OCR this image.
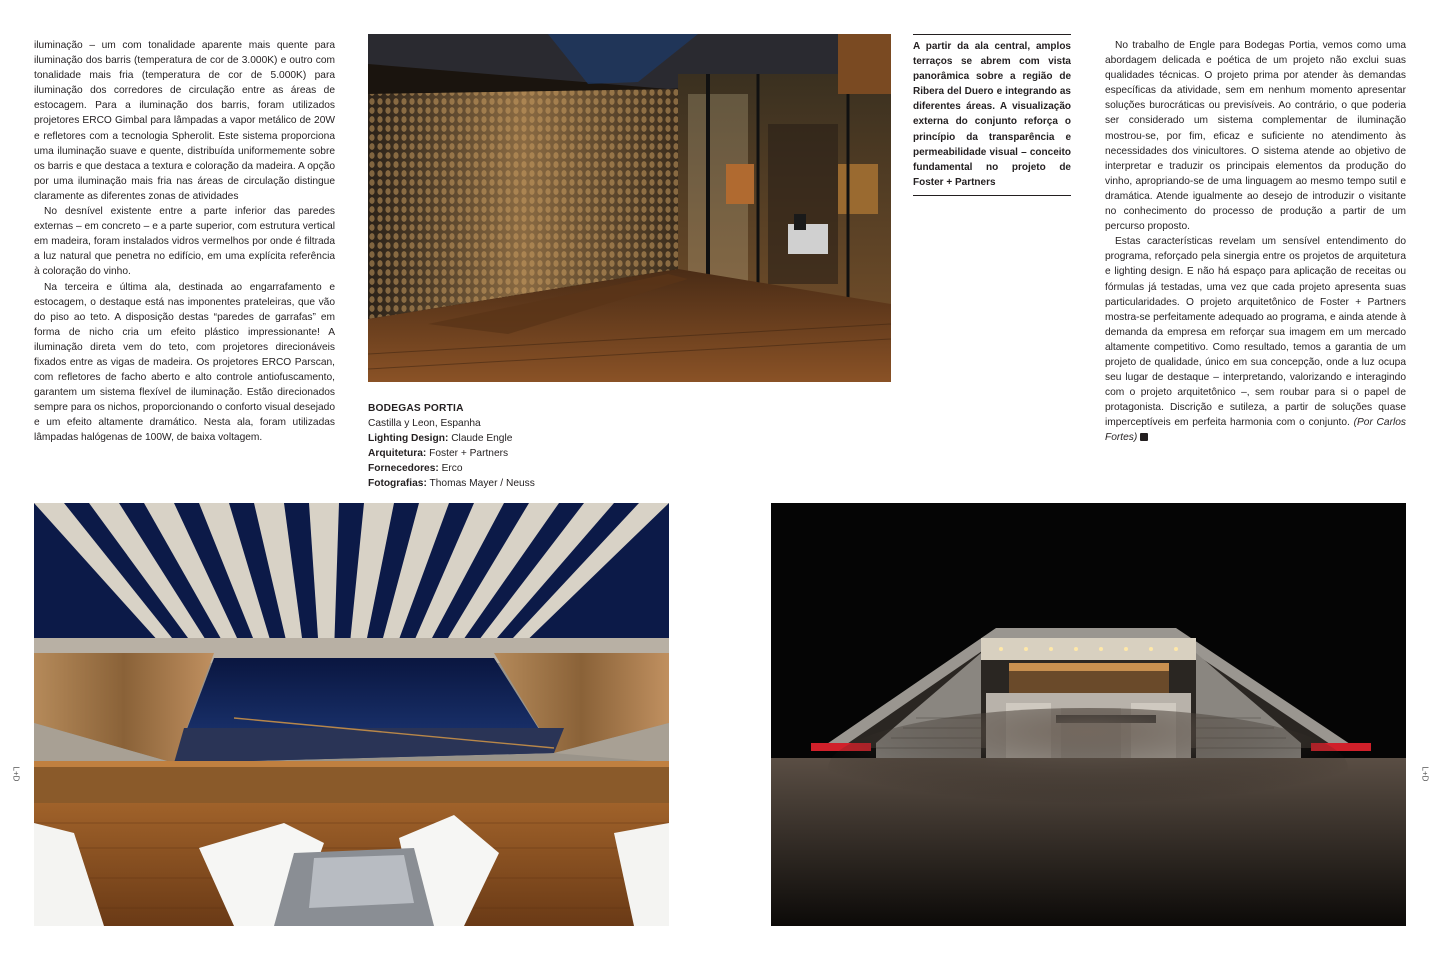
iluminação – um com tonalidade aparente mais quente para iluminação dos barris (temperatura de cor de 3.000K) e outro com tonalidade mais fria (temperatura de cor de 5.000K) para iluminação dos corredores de circulação entre as áreas de estocagem. Para a iluminação dos barris, foram utilizados projetores ERCO Gimbal para lâmpadas a vapor metálico de 20W e refletores com a tecnologia Spherolit. Este sistema proporciona uma iluminação suave e quente, distribuída uniformemente sobre os barris e que destaca a textura e coloração da madeira. A opção por uma iluminação mais fria nas áreas de circulação distingue claramente as diferentes zonas de atividades

No desnível existente entre a parte inferior das paredes externas – em concreto – e a parte superior, com estrutura vertical em madeira, foram instalados vidros vermelhos por onde é filtrada a luz natural que penetra no edifício, em uma explícita referência à coloração do vinho.

Na terceira e última ala, destinada ao engarrafamento e estocagem, o destaque está nas imponentes prateleiras, que vão do piso ao teto. A disposição destas “paredes de garrafas” em forma de nicho cria um efeito plástico impressionante! A iluminação direta vem do teto, com projetores direcionáveis fixados entre as vigas de madeira. Os projetores ERCO Parscan, com refletores de facho aberto e alto controle antiofuscamento, garantem um sistema flexível de iluminação. Estão direcionados sempre para os nichos, proporcionando o conforto visual desejado e um efeito altamente dramático. Nesta ala, foram utilizadas lâmpadas halógenas de 100W, de baixa voltagem.

A partir da ala central, amplos terraços se abrem com vista panorâmica sobre a região de Ribera del Duero e integrando as diferentes áreas. A visualização externa do conjunto reforça o princípio da transparência e permeabilidade visual – conceito fundamental no projeto de Foster + Partners

No trabalho de Engle para Bodegas Portia, vemos como uma abordagem delicada e poética de um projeto não exclui suas qualidades técnicas. O projeto prima por atender às demandas específicas da atividade, sem em nenhum momento apresentar soluções burocráticas ou previsíveis. Ao contrário, o que poderia ser considerado um sistema complementar de iluminação mostrou-se, por fim, eficaz e suficiente no atendimento às necessidades dos vinicultores. O sistema atende ao objetivo de interpretar e traduzir os principais elementos da produção do vinho, apropriando-se de uma linguagem ao mesmo tempo sutil e dramática. Atende igualmente ao desejo de introduzir o visitante no conhecimento do processo de produção a partir de um percurso proposto.

Estas características revelam um sensível entendimento do programa, reforçado pela sinergia entre os projetos de arquitetura e lighting design. E não há espaço para aplicação de receitas ou fórmulas já testadas, uma vez que cada projeto apresenta suas particularidades. O projeto arquitetônico de Foster + Partners mostra-se perfeitamente adequado ao programa, e ainda atende à demanda da empresa em reforçar sua imagem em um mercado altamente competitivo. Como resultado, temos a garantia de um projeto de qualidade, único em sua concepção, onde a luz ocupa seu lugar de destaque – interpretando, valorizando e interagindo com o projeto arquitetônico –, sem roubar para si o papel de protagonista. Discrição e sutileza, a partir de soluções quase imperceptíveis em perfeita harmonia com o conjunto. (Por Carlos Fortes)

BODEGAS PORTIA
Castilla y Leon, Espanha
Lighting Design: Claude Engle
Arquitetura: Foster + Partners
Fornecedores: Erco
Fotografias: Thomas Mayer / Neuss
L+D	L+D
